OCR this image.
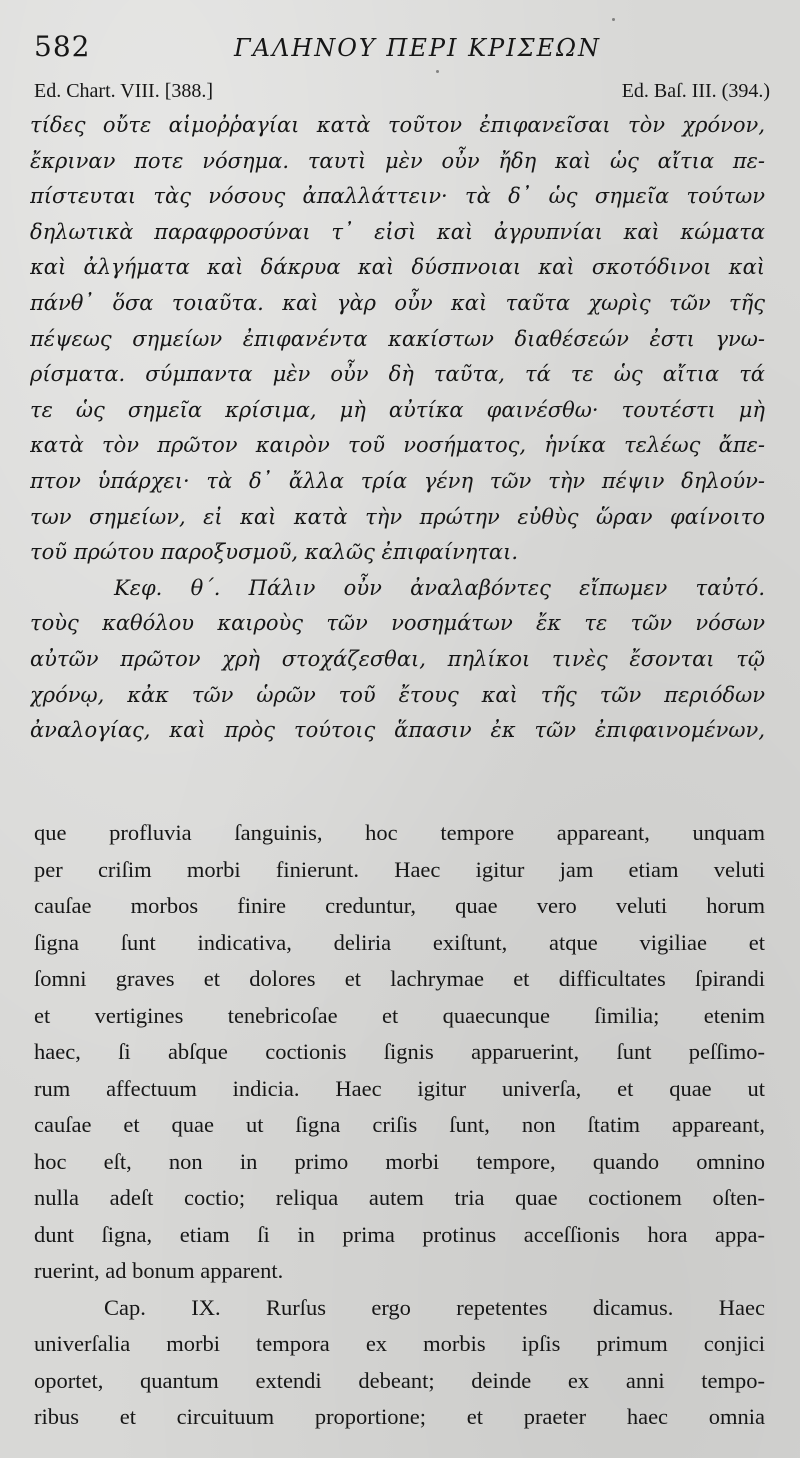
582	ΓΑΛΗΝΟΥ ΠΕΡΙ ΚΡΙΣΕΩΝ
Ed. Chart. VIII. [388.]	Ed. Baſ. III. (394.)
τίδες οὔτε αἱμοῤῥαγίαι κατὰ τοῦτον ἐπιφανεῖσαι τὸν χρόνον,
ἔκριναν ποτε νόσημα. ταυτὶ μὲν οὖν ἤδη καὶ ὡς αἴτια πε-
πίστευται τὰς νόσους ἀπαλλάττειν· τὰ δ᾽ ὡς σημεῖα τούτων
δηλωτικὰ παραφροσύναι τ᾽ εἰσὶ καὶ ἀγρυπνίαι καὶ κώματα
καὶ ἀλγήματα καὶ δάκρυα καὶ δύσπνοιαι καὶ σκοτόδινοι καὶ
πάνθ᾽ ὅσα τοιαῦτα. καὶ γὰρ οὖν καὶ ταῦτα χωρὶς τῶν τῆς
πέψεως σημείων ἐπιφανέντα κακίστων διαθέσεών ἐστι γνω-
ρίσματα. σύμπαντα μὲν οὖν δὴ ταῦτα, τά τε ὡς αἴτια τά
τε ὡς σημεῖα κρίσιμα, μὴ αὐτίκα φαινέσθω· τουτέστι μὴ
κατὰ τὸν πρῶτον καιρὸν τοῦ νοσήματος, ἡνίκα τελέως ἄπε-
πτον ὑπάρχει· τὰ δ᾽ ἄλλα τρία γένη τῶν τὴν πέψιν δηλούν-
των σημείων, εἰ καὶ κατὰ τὴν πρώτην εὐθὺς ὥραν φαίνοιτο
τοῦ πρώτου παροξυσμοῦ, καλῶς ἐπιφαίνηται.
Κεφ. θ΄. Πάλιν οὖν ἀναλαβόντες εἴπωμεν ταὐτό.
τοὺς καθόλου καιροὺς τῶν νοσημάτων ἔκ τε τῶν νόσων
αὐτῶν πρῶτον χρὴ στοχάζεσθαι, πηλίκοι τινὲς ἔσονται τῷ
χρόνῳ, κἀκ τῶν ὡρῶν τοῦ ἔτους καὶ τῆς τῶν περιόδων
ἀναλογίας, καὶ πρὸς τούτοις ἅπασιν ἐκ τῶν ἐπιφαινομένων,
que profluvia ſanguinis, hoc tempore appareant, unquam
per criſim morbi finierunt. Haec igitur jam etiam veluti
cauſae morbos finire creduntur, quae vero veluti horum
ſigna ſunt indicativa, deliria exiſtunt, atque vigiliae et
ſomni graves et dolores et lachrymae et difficultates ſpirandi
et vertigines tenebricoſae et quaecunque ſimilia; etenim
haec, ſi abſque coctionis ſignis apparuerint, ſunt peſſimo-
rum affectuum indicia. Haec igitur univerſa, et quae ut
cauſae et quae ut ſigna criſis ſunt, non ſtatim appareant,
hoc eſt, non in primo morbi tempore, quando omnino
nulla adeſt coctio; reliqua autem tria quae coctionem oſten-
dunt ſigna, etiam ſi in prima protinus acceſſionis hora appa-
ruerint, ad bonum apparent.
Cap. IX. Rurſus ergo repetentes dicamus. Haec
univerſalia morbi tempora ex morbis ipſis primum conjici
oportet, quantum extendi debeant; deinde ex anni tempo-
ribus et circuituum proportione; et praeter haec omnia
